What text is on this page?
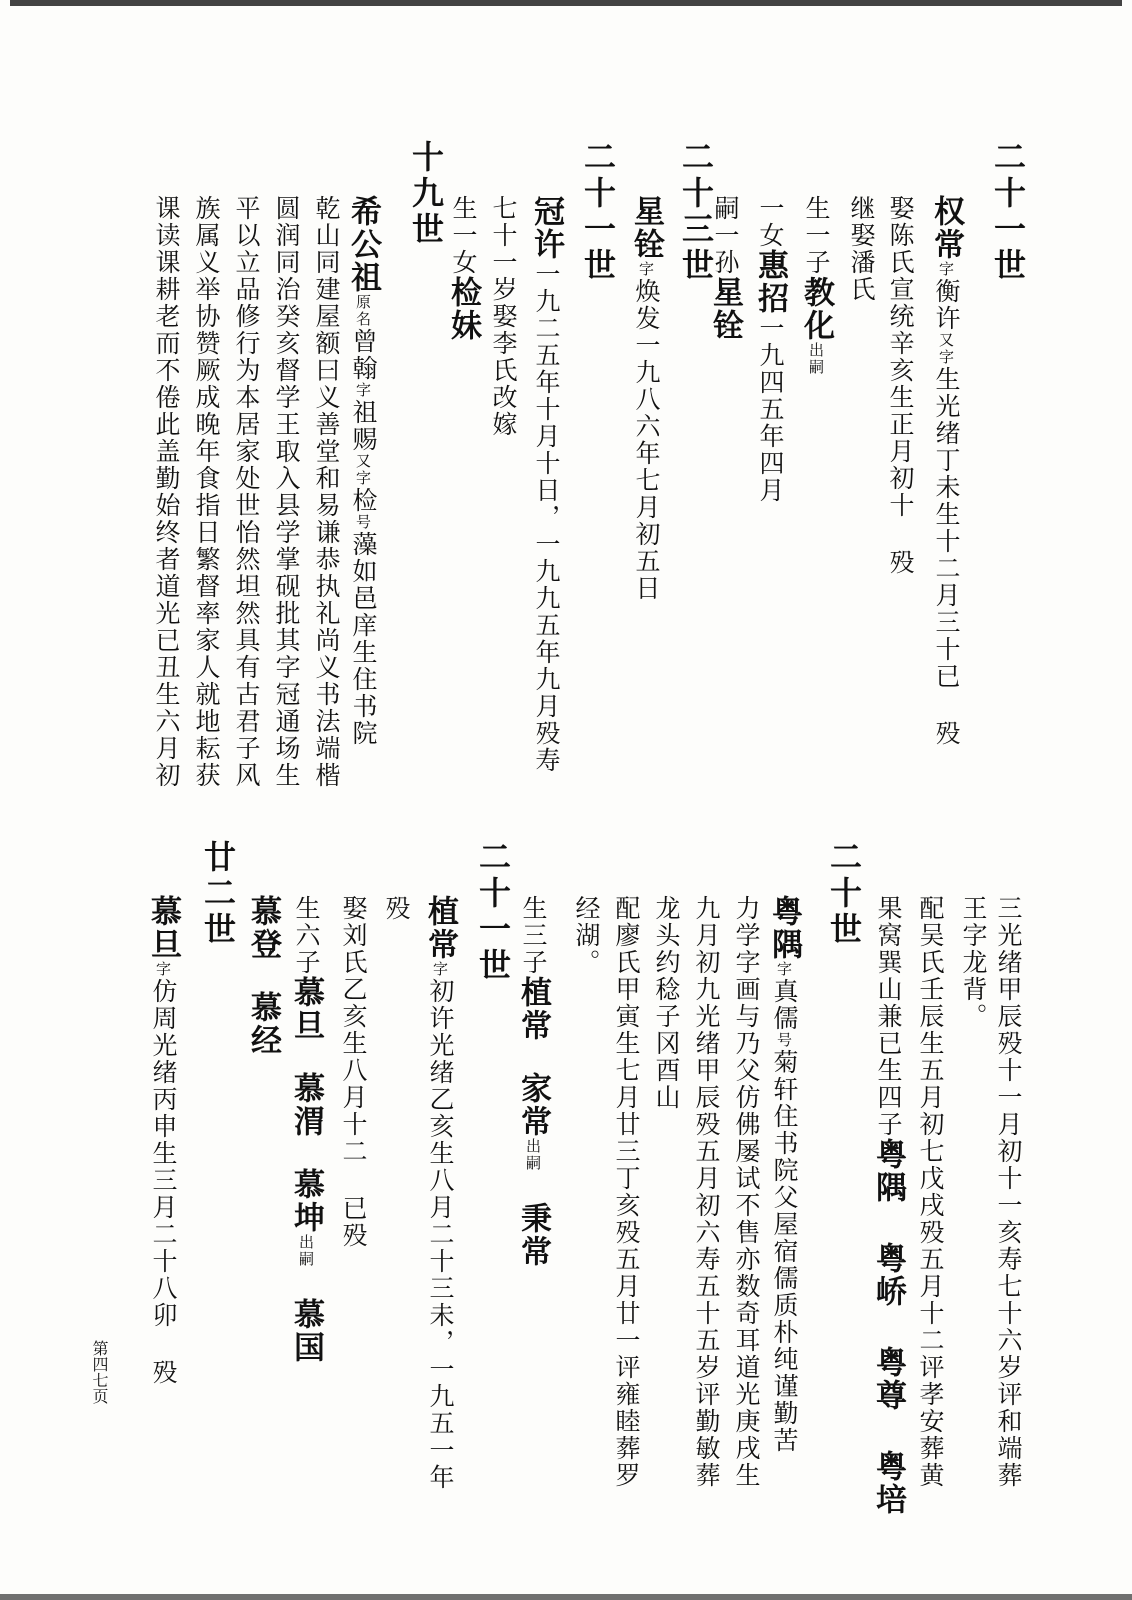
二十一世
权常字衡许又字生光绪丁未生十二月三十已殁
娶陈氏宣统辛亥生正月初十殁
继娶潘氏
生一子教化出嗣
一女惠招一九四五年四月
嗣一孙星铨
二十三世
星铨字焕发一九八六年七月初五日
二十一世
冠许一九二五年十月十日，一九九五年九月殁寿
七十一岁娶李氏改嫁
生一女检妹
十九世
希公祖原名曾翰字祖赐又字检号藻如邑庠生住书院
乾山同建屋额曰义善堂和易谦恭执礼尚义书法端楷
圆润同治癸亥督学王取入县学掌砚批其字冠通场生
平以立品修行为本居家处世怡然坦然具有古君子风
族属义举协赞厥成晚年食指日繁督率家人就地耘获
课读课耕老而不倦此盖勤始终者道光已丑生六月初
三光绪甲辰殁十一月初十一亥寿七十六岁评和端葬
王字龙背。
配吴氏壬辰生五月初七戊戌殁五月十二评孝安葬黄
果窝巽山兼已生四子粤隅 粤峤 粤尊 粤培
二十世
粤隅字真儒号菊轩住书院父屋宿儒质朴纯谨勤苦
力学字画与乃父仿佛屡试不售亦数奇耳道光庚戌生
九月初九光绪甲辰殁五月初六寿五十五岁评勤敏葬
龙头约稔子冈酉山
配廖氏甲寅生七月廿三丁亥殁五月廿一评雍睦葬罗
经湖。
生三子植常家常出嗣秉常
二十一世
植常字初许光绪乙亥生八月二十三未，一九五一年
殁
娶刘氏乙亥生八月十二已殁
生六子慕旦慕渭慕坤出嗣慕国
慕登慕经
廿二世
慕旦字仿周光绪丙申生三月二十八卯殁
第四七页
